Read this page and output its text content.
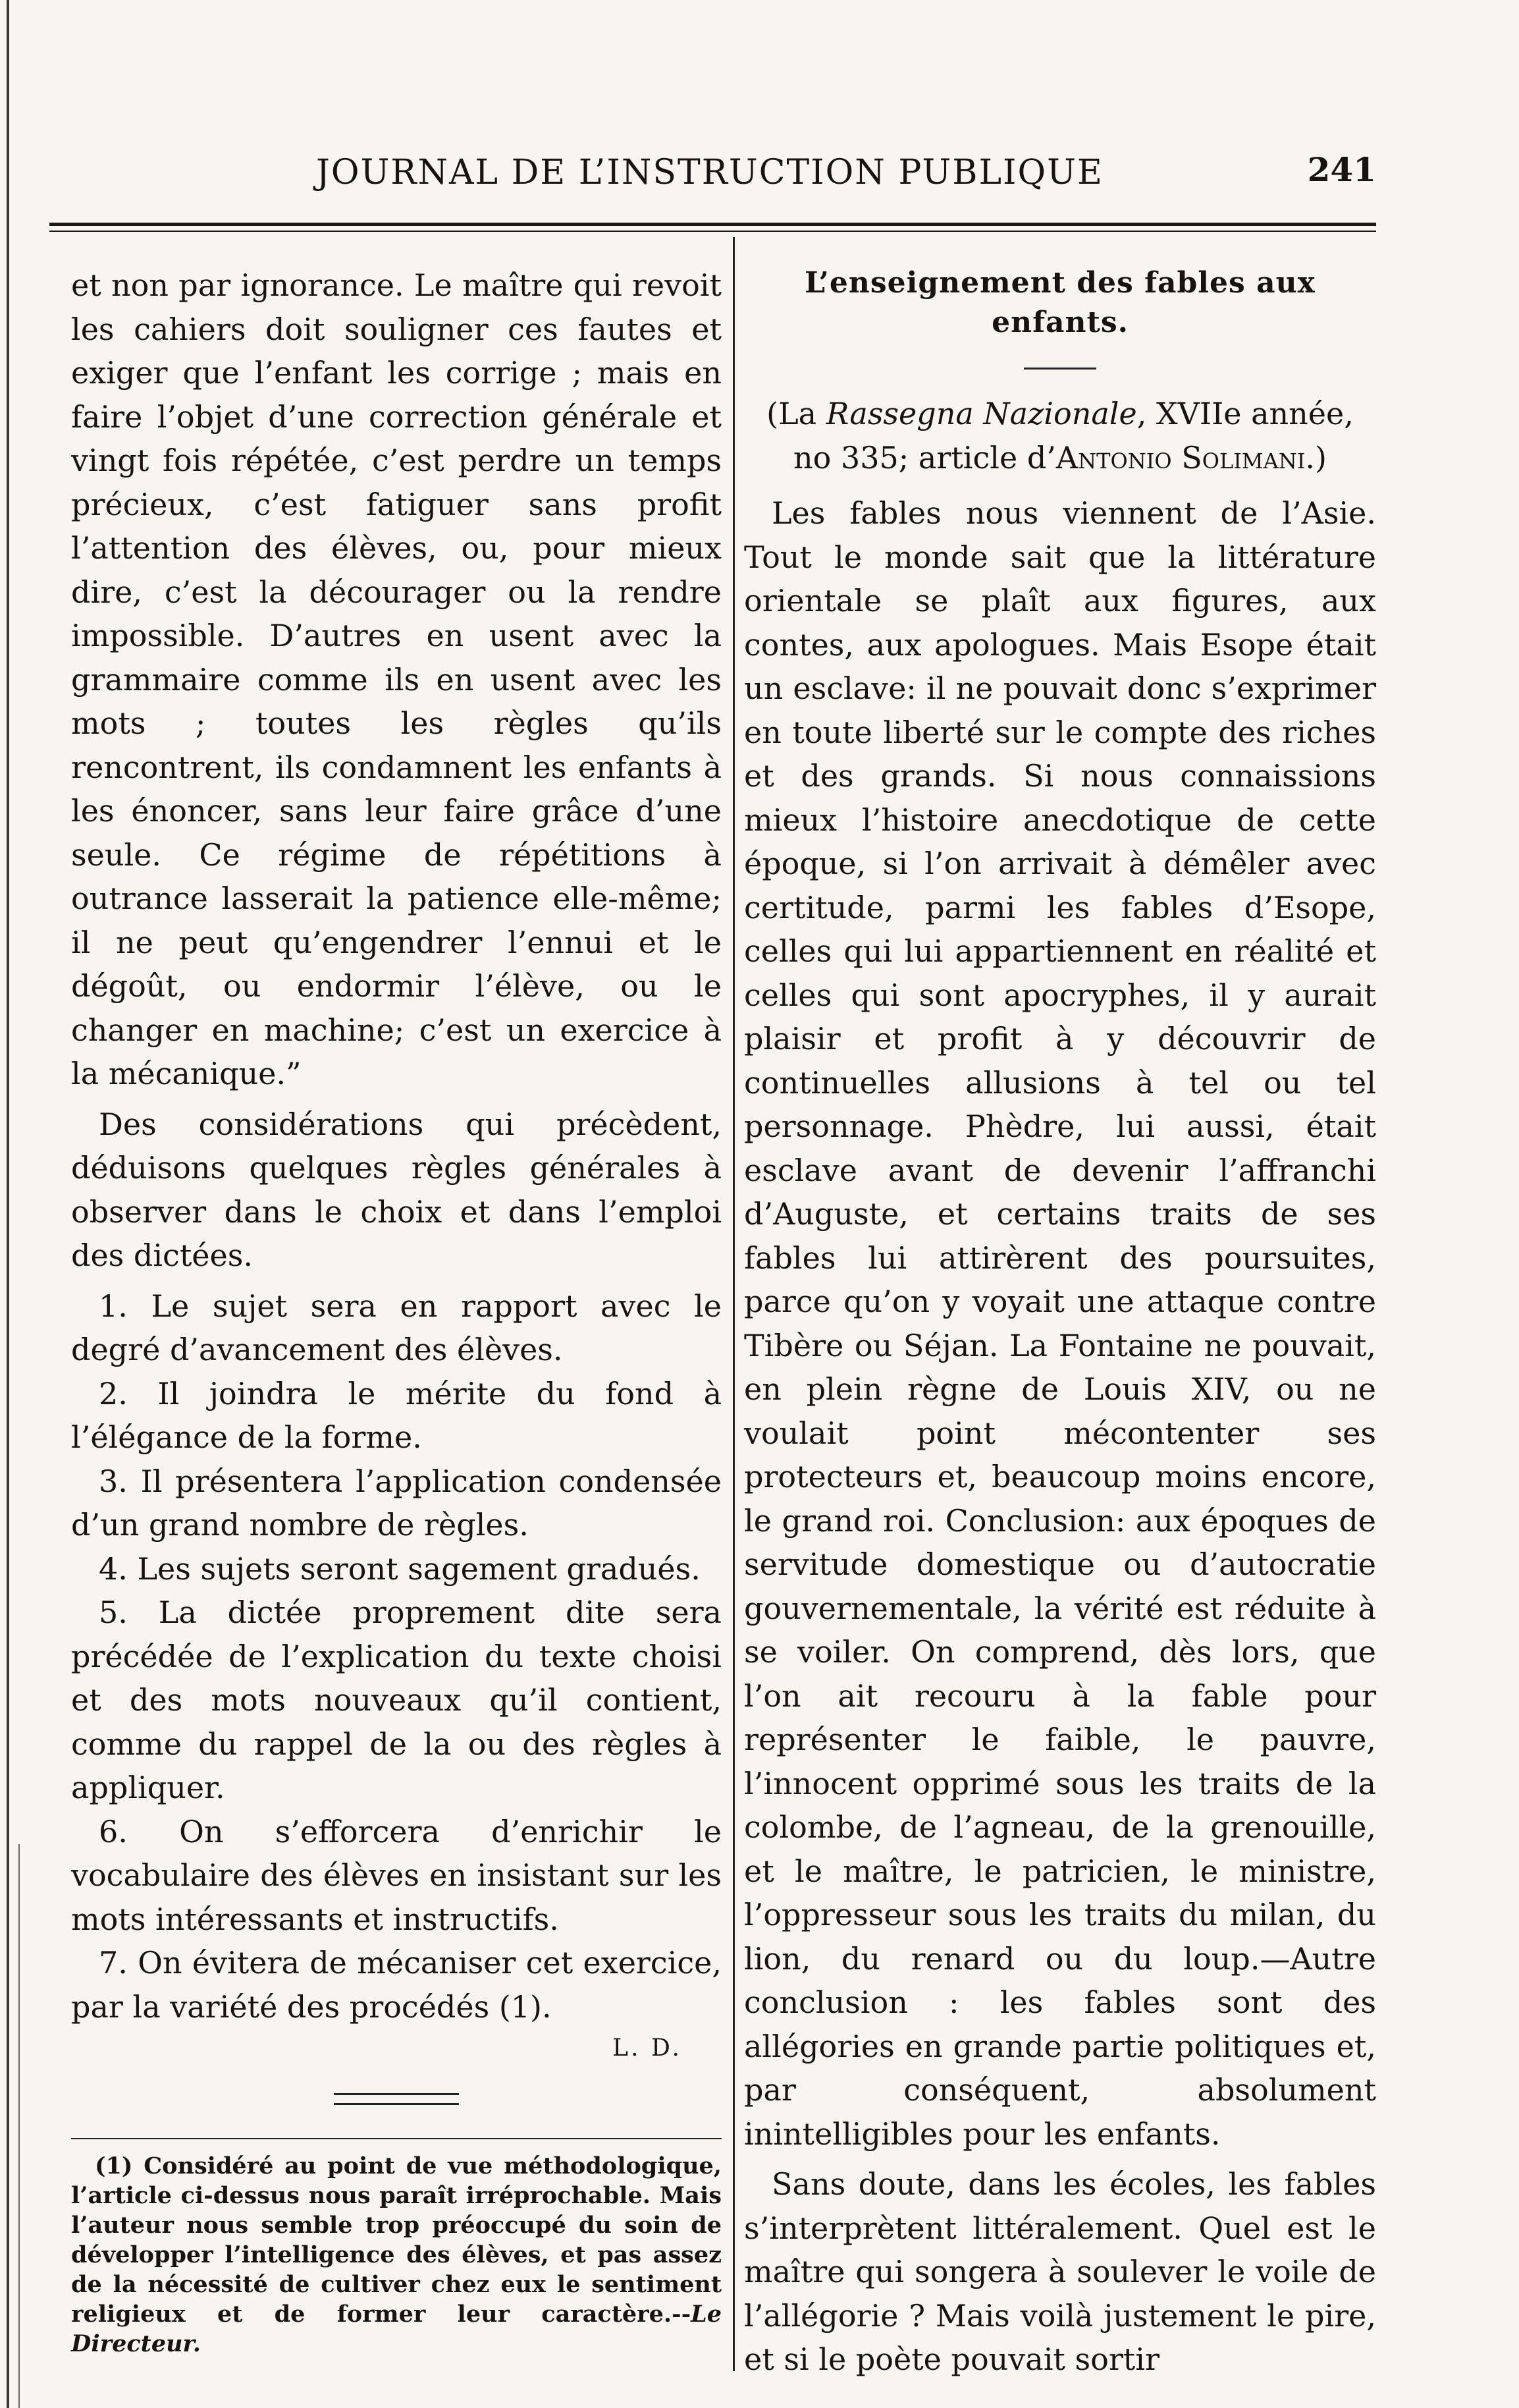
JOURNAL DE L’INSTRUCTION PUBLIQUE	241

et non par ignorance. Le maître qui revoit les cahiers doit souligner ces fautes et exiger que l’enfant les corrige ; mais en faire l’objet d’une correction générale et vingt fois répétée, c’est perdre un temps précieux, c’est fatiguer sans profit l’attention des élèves, ou, pour mieux dire, c’est la décourager ou la rendre impossible. D’autres en usent avec la grammaire comme ils en usent avec les mots ; toutes les règles qu’ils rencontrent, ils condamnent les enfants à les énoncer, sans leur faire grâce d’une seule. Ce régime de répétitions à outrance lasserait la patience elle-même; il ne peut qu’engendrer l’ennui et le dégoût, ou endormir l’élève, ou le changer en machine; c’est un exercice à la mécanique.”

Des considérations qui précèdent, déduisons quelques règles générales à observer dans le choix et dans l’emploi des dictées.

1. Le sujet sera en rapport avec le degré d’avancement des élèves.

2. Il joindra le mérite du fond à l’élégance de la forme.

3. Il présentera l’application condensée d’un grand nombre de règles.

4. Les sujets seront sagement gradués.

5. La dictée proprement dite sera précédée de l’explication du texte choisi et des mots nouveaux qu’il contient, comme du rappel de la ou des règles à appliquer.

6. On s’efforcera d’enrichir le vocabulaire des élèves en insistant sur les mots intéressants et instructifs.

7. On évitera de mécaniser cet exercice, par la variété des procédés (1).

L. D.

(1) Considéré au point de vue méthodologique, l’article ci-dessus nous paraît irréprochable. Mais l’auteur nous semble trop préoccupé du soin de développer l’intelligence des élèves, et pas assez de la nécessité de cultiver chez eux le sentiment religieux et de former leur caractère.--Le Directeur.

L’enseignement des fables aux enfants.

(La Rassegna Nazionale, XVIIe année, no 335; article d’Antonio Solimani.)

Les fables nous viennent de l’Asie. Tout le monde sait que la littérature orientale se plaît aux figures, aux contes, aux apologues. Mais Esope était un esclave: il ne pouvait donc s’exprimer en toute liberté sur le compte des riches et des grands. Si nous connaissions mieux l’histoire anecdotique de cette époque, si l’on arrivait à démêler avec certitude, parmi les fables d’Esope, celles qui lui appartiennent en réalité et celles qui sont apocryphes, il y aurait plaisir et profit à y découvrir de continuelles allusions à tel ou tel personnage. Phèdre, lui aussi, était esclave avant de devenir l’affranchi d’Auguste, et certains traits de ses fables lui attirèrent des poursuites, parce qu’on y voyait une attaque contre Tibère ou Séjan. La Fontaine ne pouvait, en plein règne de Louis XIV, ou ne voulait point mécontenter ses protecteurs et, beaucoup moins encore, le grand roi. Conclusion: aux époques de servitude domestique ou d’autocratie gouvernementale, la vérité est réduite à se voiler. On comprend, dès lors, que l’on ait recouru à la fable pour représenter le faible, le pauvre, l’innocent opprimé sous les traits de la colombe, de l’agneau, de la grenouille, et le maître, le patricien, le ministre, l’oppresseur sous les traits du milan, du lion, du renard ou du loup.—Autre conclusion : les fables sont des allégories en grande partie politiques et, par conséquent, absolument inintelligibles pour les enfants.

Sans doute, dans les écoles, les fables s’interprètent littéralement. Quel est le maître qui songera à soulever le voile de l’allégorie ? Mais voilà justement le pire, et si le poète pouvait sortir
